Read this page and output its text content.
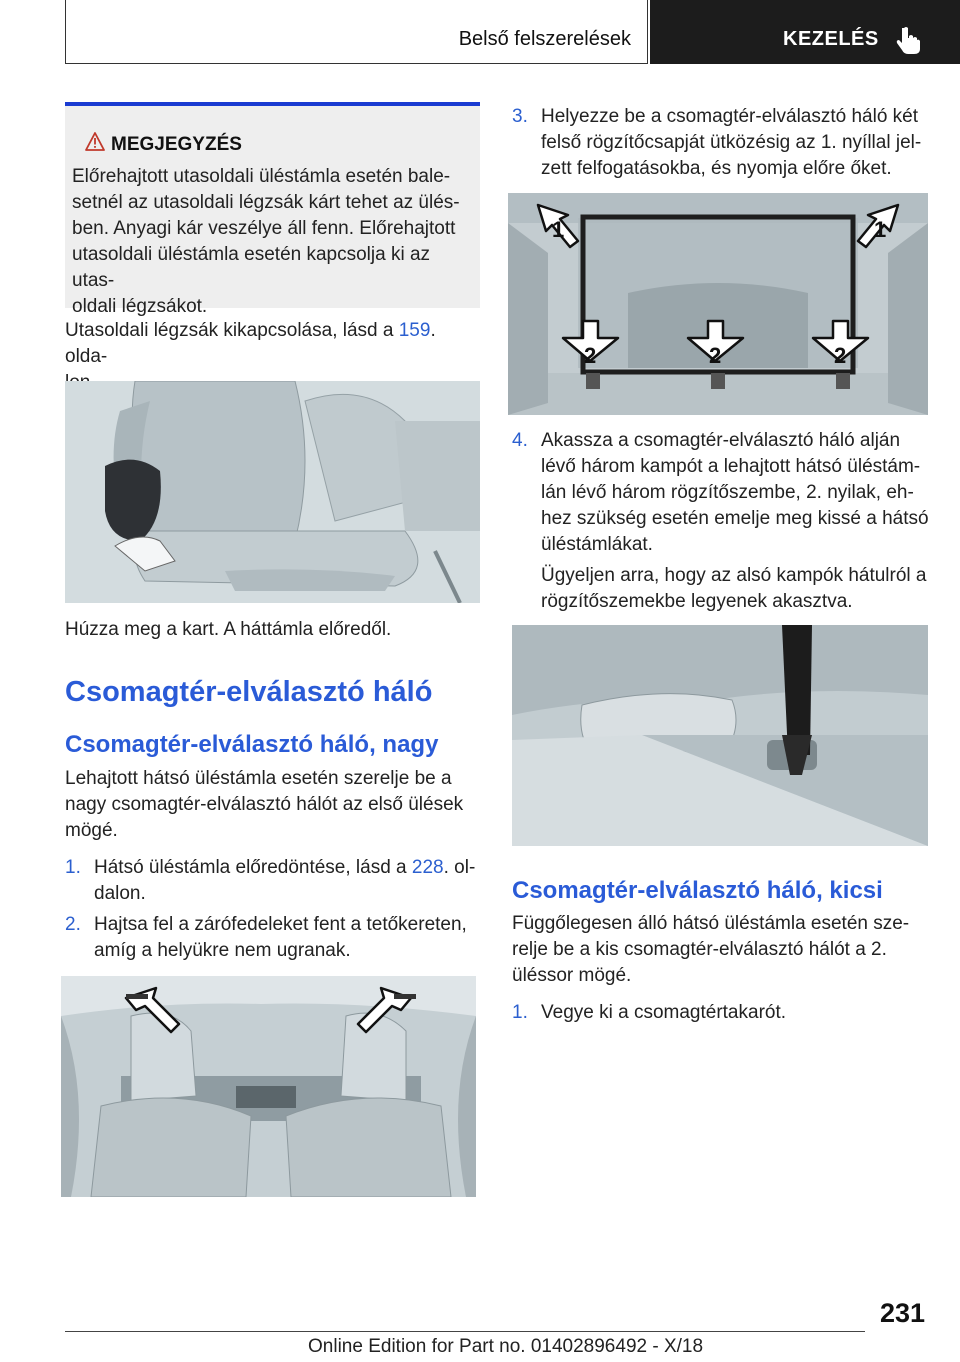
Belső felszerelések	KEZELÉS
MEGJEGYZÉS
Előrehajtott utasoldali üléstámla esetén bale‐
setnél az utasoldali légzsák kárt tehet az ülés‐
ben. Anyagi kár veszélye áll fenn. Előrehajtott
utasoldali üléstámla esetén kapcsolja ki az utas‐
oldali légzsákot.
Utasoldali légzsák kikapcsolása, lásd a 159. olda‐
Húzza meg a kart. A háttámla előredől.
Csomagtér-elválasztó háló
Csomagtér-elválasztó háló, nagy
Lehajtott hátsó üléstámla esetén szerelje be a
nagy csomagtér-elválasztó hálót az első ülések
mögé.
1. Hátsó üléstámla előredöntése, lásd a 228. ol‐
dalon.
2. Hajtsa fel a zárófedeleket fent a tetőkereten,
amíg a helyükre nem ugranak.
3. Helyezze be a csomagtér-elválasztó háló két
felső rögzítőcsapját ütközésig az 1. nyíllal jel‐
zett felfogatásokba, és nyomja előre őket.
1	1
2	2	2
4. Akassza a csomagtér-elválasztó háló alján
lévő három kampót a lehajtott hátsó üléstám‐
lán lévő három rögzítőszembe, 2. nyilak, eh‐
hez szükség esetén emelje meg kissé a hátsó
üléstámlákat.
Ügyeljen arra, hogy az alsó kampók hátulról a
rögzítőszemekbe legyenek akasztva.
Csomagtér-elválasztó háló, kicsi
Függőlegesen álló hátsó üléstámla esetén sze‐
relje be a kis csomagtér-elválasztó hálót a 2.
üléssor mögé.
1. Vegye ki a csomagtértakarót.
231
Online Edition for Part no. 01402896492 - X/18
